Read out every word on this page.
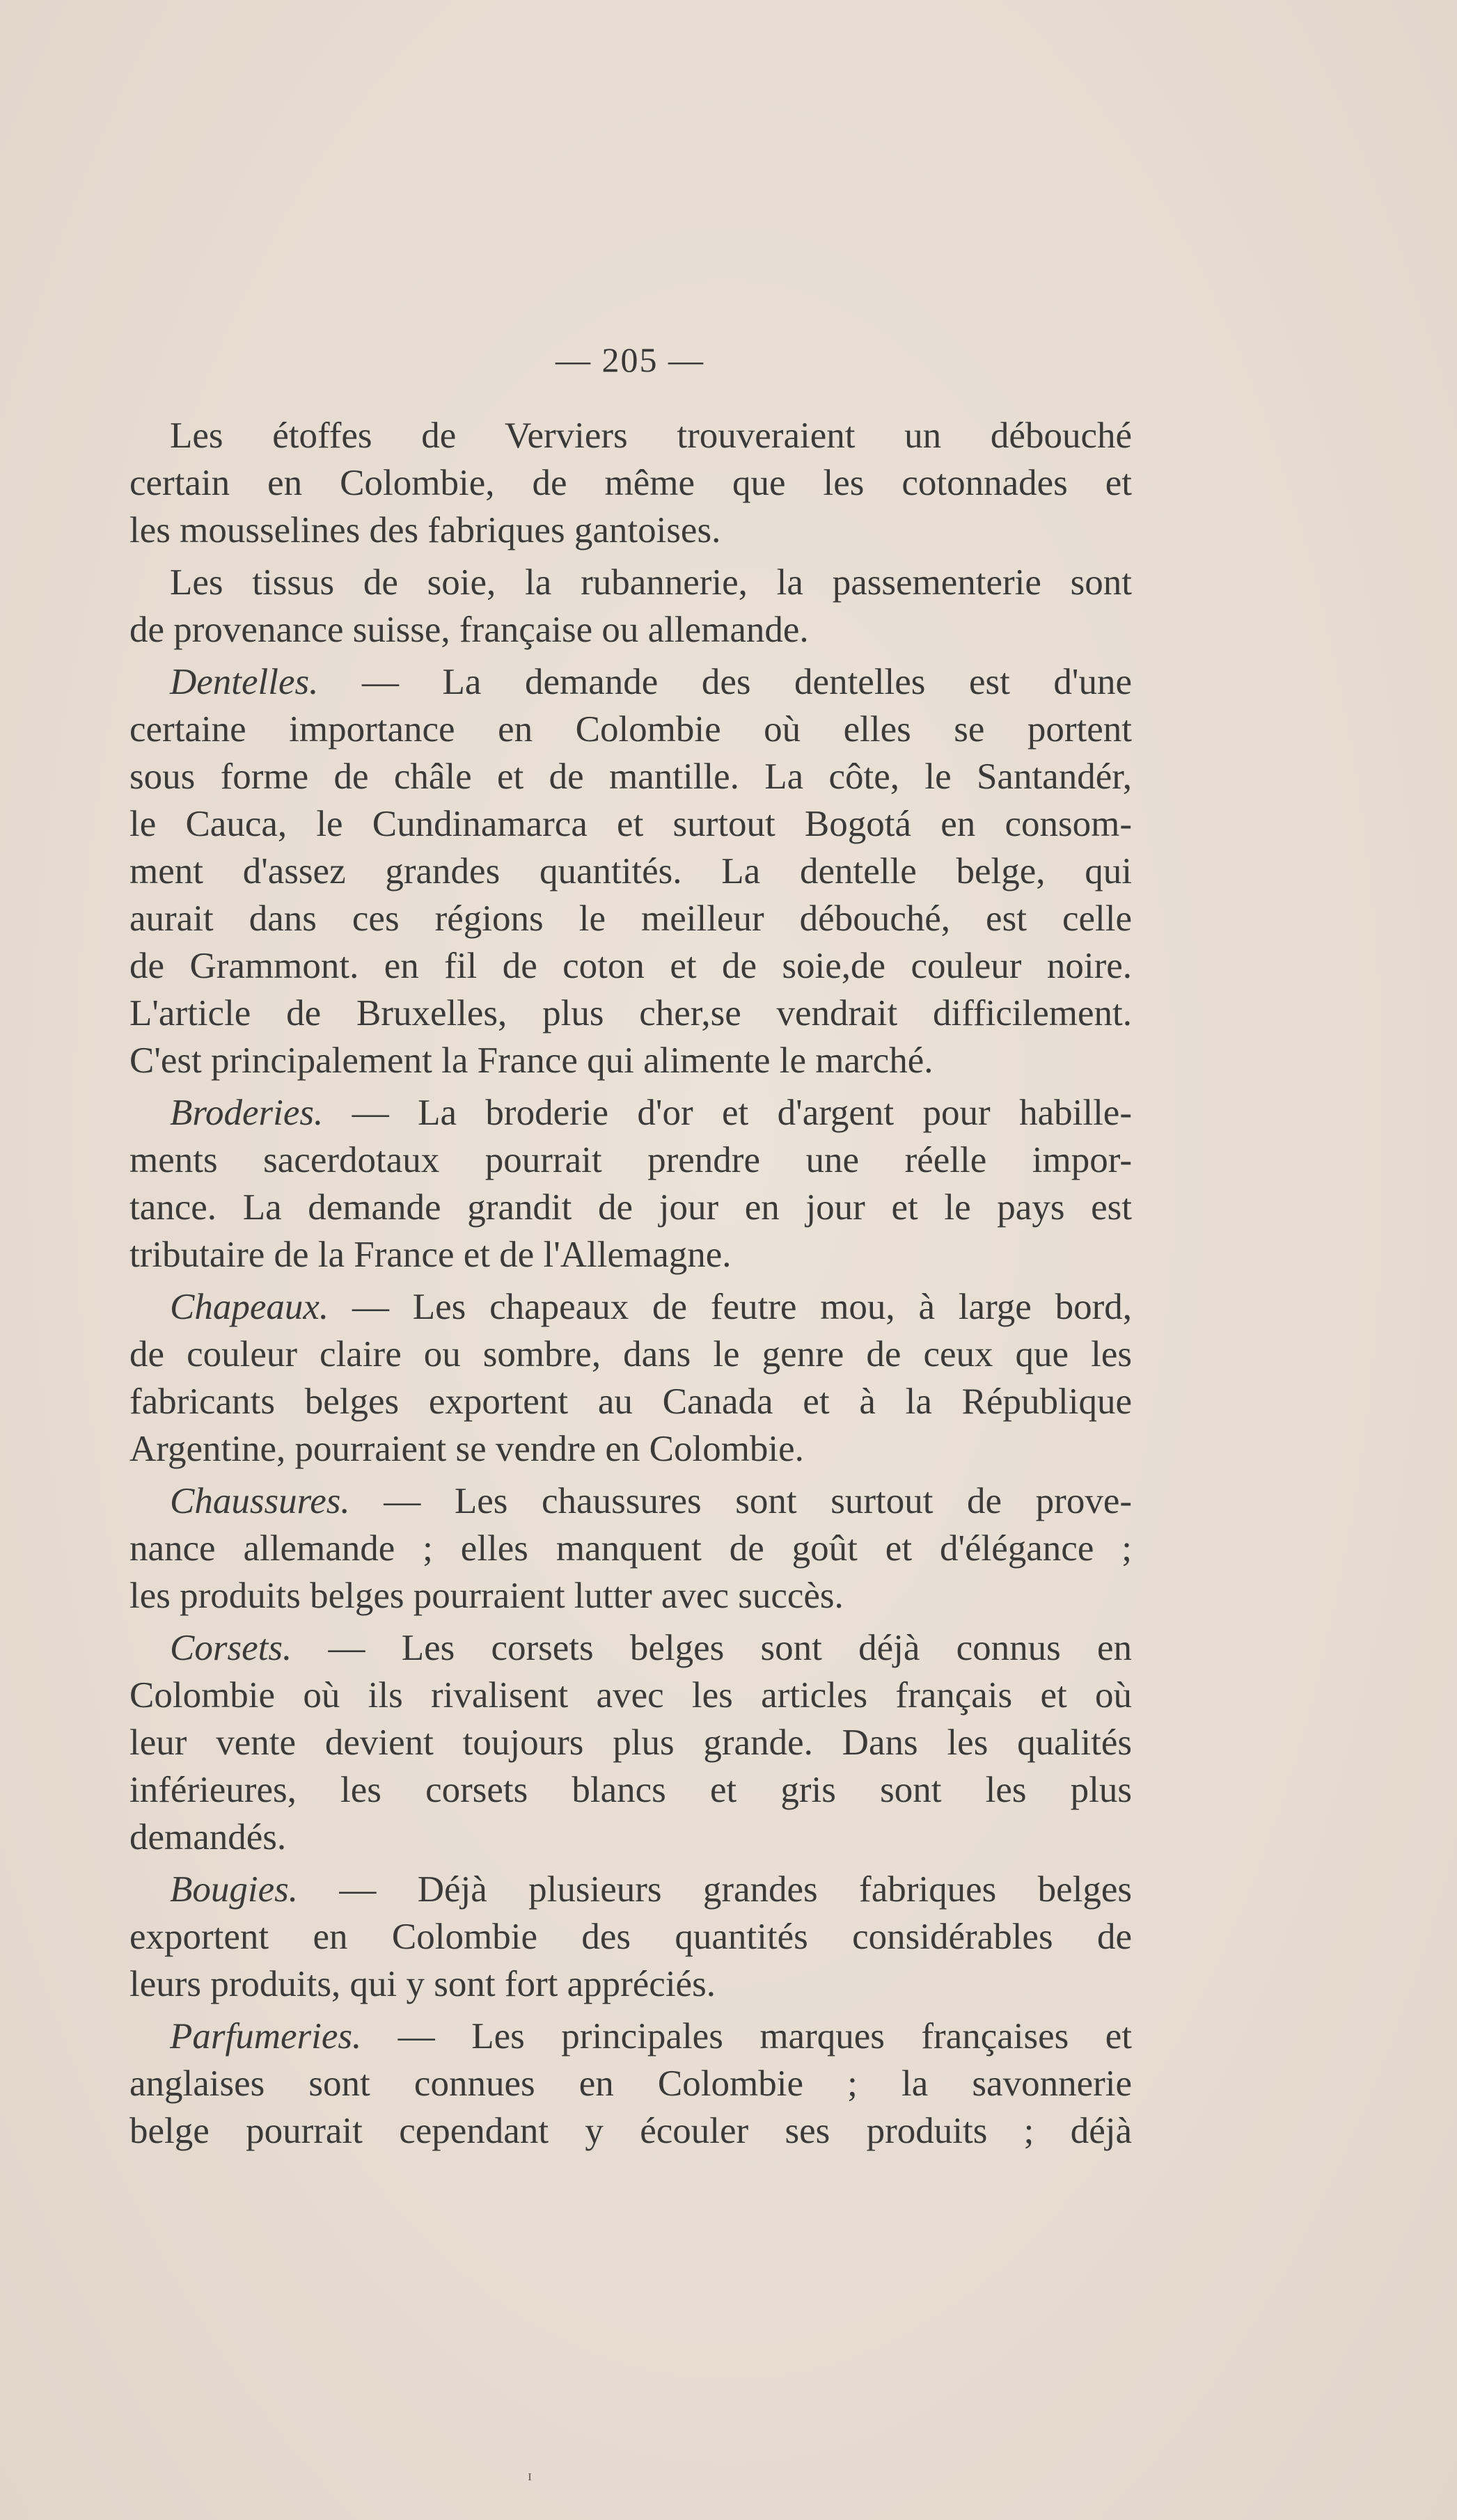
— 205 —
Les étoffes de Verviers trouveraient un débouché
certain en Colombie, de même que les cotonnades et
les mousselines des fabriques gantoises.
Les tissus de soie, la rubannerie, la passementerie sont
de provenance suisse, française ou allemande.
Dentelles. — La demande des dentelles est d'une
certaine importance en Colombie où elles se portent
sous forme de châle et de mantille. La côte, le Santandér,
le Cauca, le Cundinamarca et surtout Bogotá en consom-
ment d'assez grandes quantités. La dentelle belge, qui
aurait dans ces régions le meilleur débouché, est celle
de Grammont. en fil de coton et de soie,de couleur noire.
L'article de Bruxelles, plus cher,se vendrait difficilement.
C'est principalement la France qui alimente le marché.
Broderies. — La broderie d'or et d'argent pour habille-
ments sacerdotaux pourrait prendre une réelle impor-
tance. La demande grandit de jour en jour et le pays est
tributaire de la France et de l'Allemagne.
Chapeaux. — Les chapeaux de feutre mou, à large bord,
de couleur claire ou sombre, dans le genre de ceux que les
fabricants belges exportent au Canada et à la République
Argentine, pourraient se vendre en Colombie.
Chaussures. — Les chaussures sont surtout de prove-
nance allemande ; elles manquent de goût et d'élégance ;
les produits belges pourraient lutter avec succès.
Corsets. — Les corsets belges sont déjà connus en
Colombie où ils rivalisent avec les articles français et où
leur vente devient toujours plus grande. Dans les qualités
inférieures, les corsets blancs et gris sont les plus
demandés.
Bougies. — Déjà plusieurs grandes fabriques belges
exportent en Colombie des quantités considérables de
leurs produits, qui y sont fort appréciés.
Parfumeries. — Les principales marques françaises et
anglaises sont connues en Colombie ; la savonnerie
belge pourrait cependant y écouler ses produits ; déjà
ɪ
